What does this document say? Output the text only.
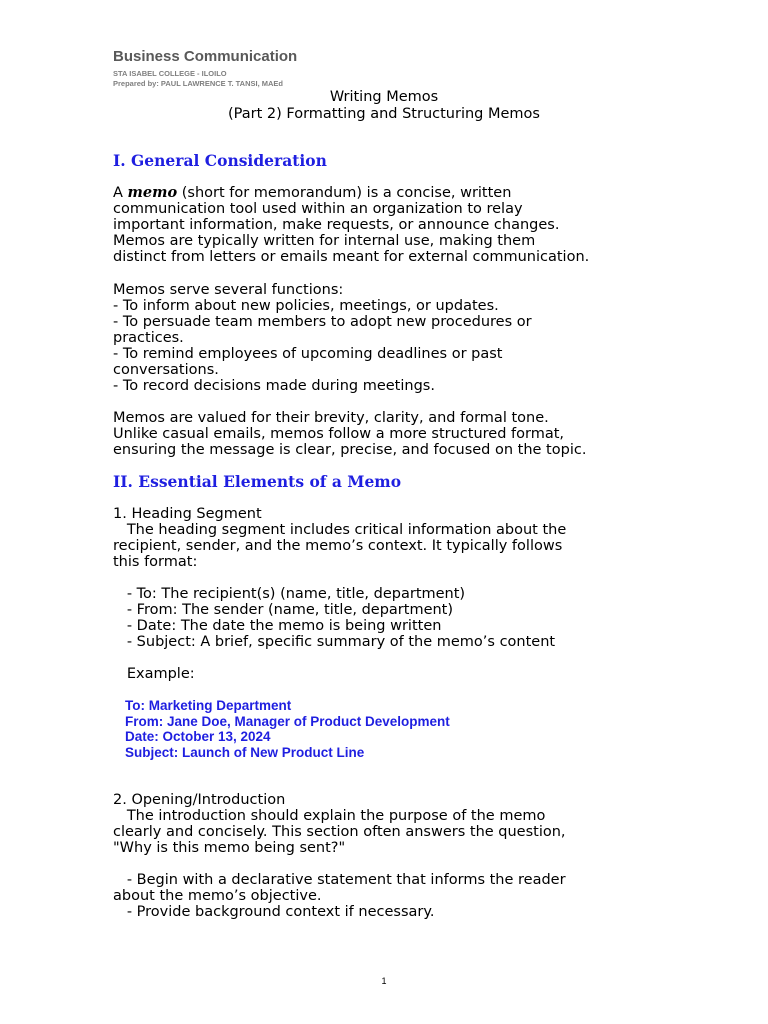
Business Communication
STA ISABEL COLLEGE - ILOILO
Prepared by: PAUL LAWRENCE T. TANSI, MAEd
Writing Memos
(Part 2) Formatting and Structuring Memos
I. General Consideration
A memo (short for memorandum) is a concise, written
communication tool used within an organization to relay
important information, make requests, or announce changes.
Memos are typically written for internal use, making them
distinct from letters or emails meant for external communication.
Memos serve several functions:
- To inform about new policies, meetings, or updates.
- To persuade team members to adopt new procedures or
practices.
- To remind employees of upcoming deadlines or past
conversations.
- To record decisions made during meetings.
Memos are valued for their brevity, clarity, and formal tone.
Unlike casual emails, memos follow a more structured format,
ensuring the message is clear, precise, and focused on the topic.
II. Essential Elements of a Memo
1. Heading Segment
The heading segment includes critical information about the
recipient, sender, and the memo’s context. It typically follows
this format:
- To: The recipient(s) (name, title, department)
- From: The sender (name, title, department)
- Date: The date the memo is being written
- Subject: A brief, specific summary of the memo’s content
Example:
To: Marketing Department
From: Jane Doe, Manager of Product Development
Date: October 13, 2024
Subject: Launch of New Product Line
2. Opening/Introduction
The introduction should explain the purpose of the memo
clearly and concisely. This section often answers the question,
"Why is this memo being sent?"
- Begin with a declarative statement that informs the reader
about the memo’s objective.
- Provide background context if necessary.
1
